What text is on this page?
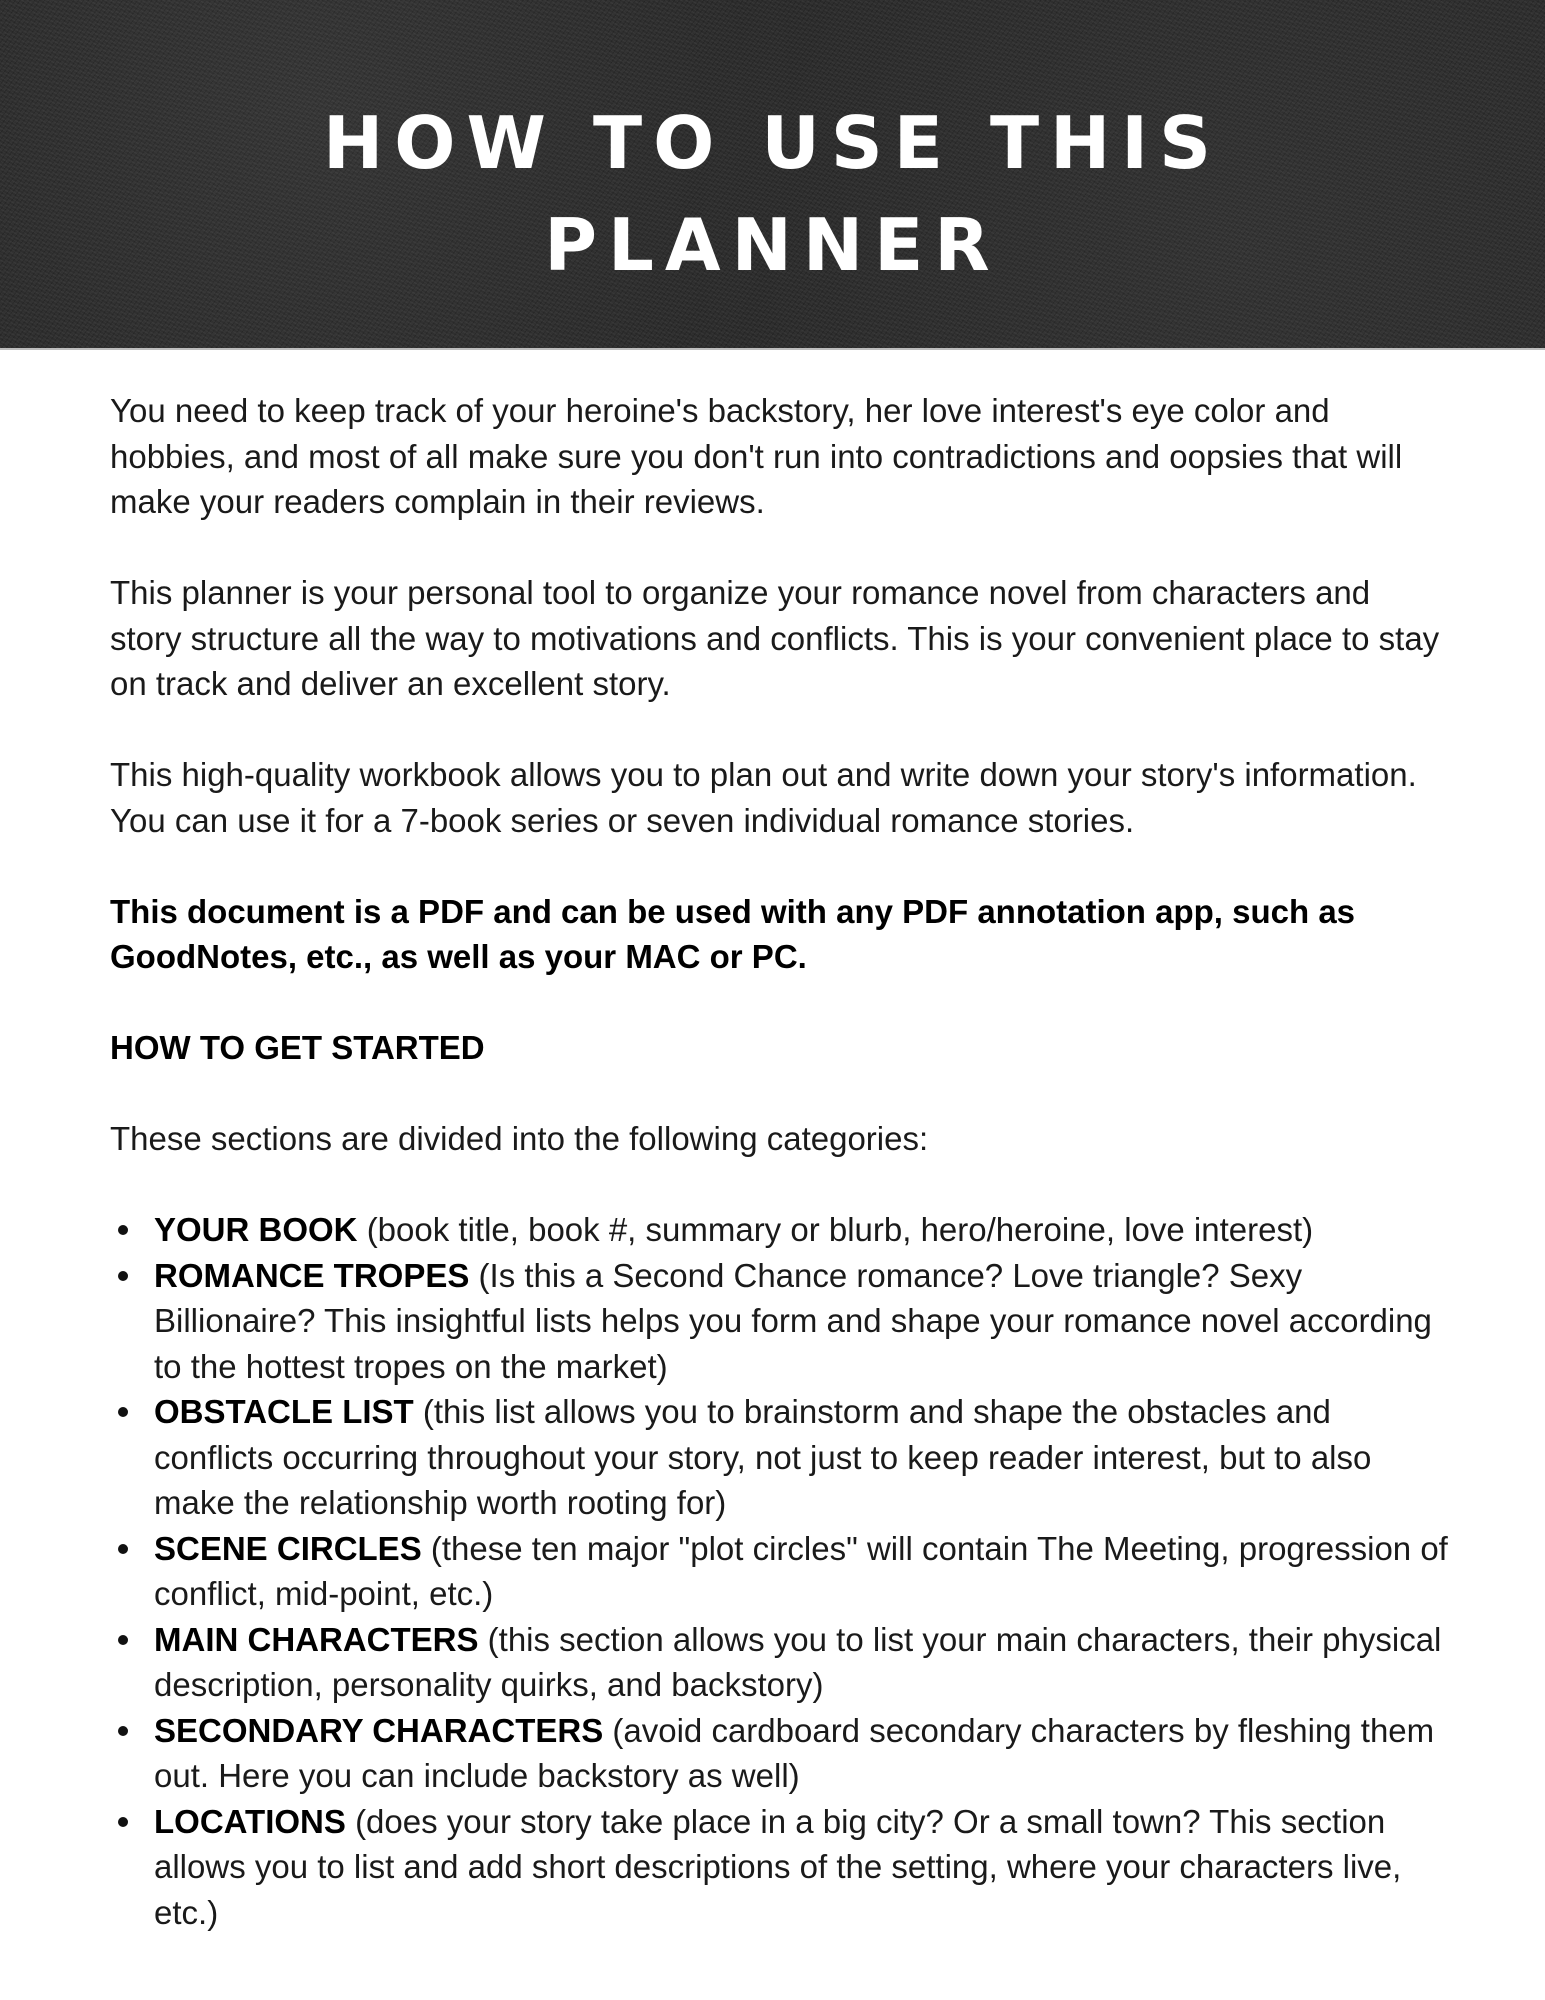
HOW TO USE THIS
PLANNER

You need to keep track of your heroine's backstory, her love interest's eye color and hobbies, and most of all make sure you don't run into contradictions and oopsies that will make your readers complain in their reviews.

This planner is your personal tool to organize your romance novel from characters and story structure all the way to motivations and conflicts. This is your convenient place to stay on track and deliver an excellent story.

This high-quality workbook allows you to plan out and write down your story's information. You can use it for a 7-book series or seven individual romance stories.

This document is a PDF and can be used with any PDF annotation app, such as GoodNotes, etc., as well as your MAC or PC.

HOW TO GET STARTED

These sections are divided into the following categories:

YOUR BOOK (book title, book #, summary or blurb, hero/heroine, love interest)
ROMANCE TROPES (Is this a Second Chance romance? Love triangle? Sexy Billionaire? This insightful lists helps you form and shape your romance novel according to the hottest tropes on the market)
OBSTACLE LIST (this list allows you to brainstorm and shape the obstacles and conflicts occurring throughout your story, not just to keep reader interest, but to also make the relationship worth rooting for)
SCENE CIRCLES (these ten major "plot circles" will contain The Meeting, progression of conflict, mid-point, etc.)
MAIN CHARACTERS (this section allows you to list your main characters, their physical description, personality quirks, and backstory)
SECONDARY CHARACTERS (avoid cardboard secondary characters by fleshing them out. Here you can include backstory as well)
LOCATIONS (does your story take place in a big city? Or a small town? This section allows you to list and add short descriptions of the setting, where your characters live, etc.)
